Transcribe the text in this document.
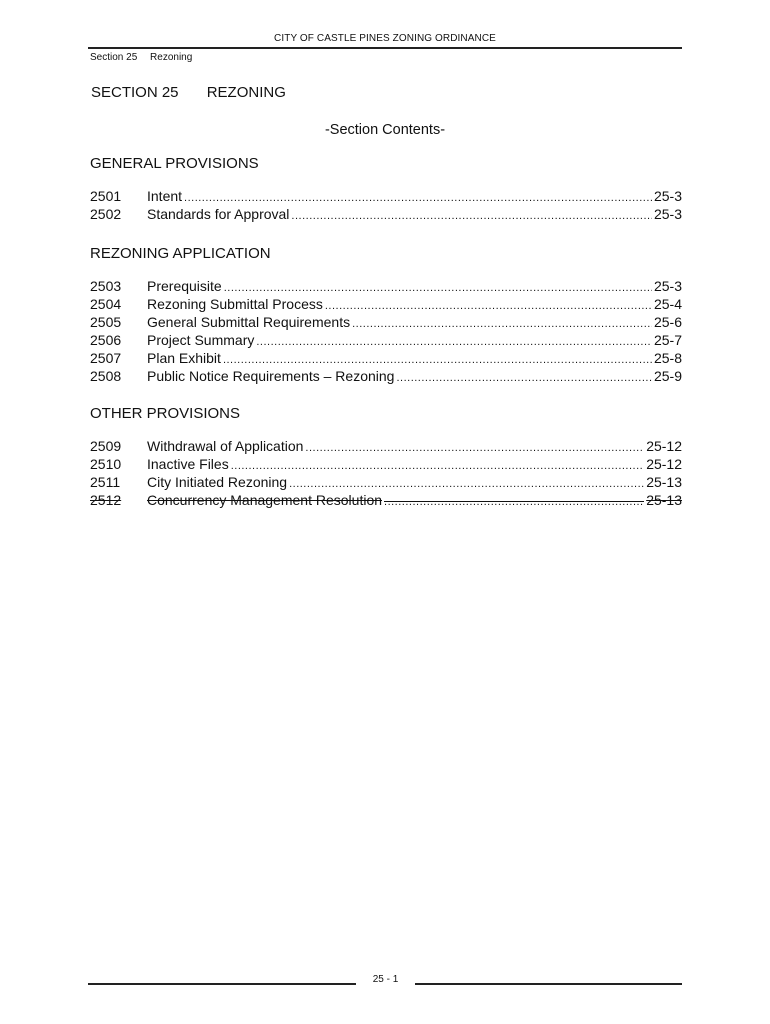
CITY OF CASTLE PINES ZONING ORDINANCE
Section 25 Rezoning
SECTION 25 REZONING
-Section Contents-
GENERAL PROVISIONS
2501	Intent .....	25-3
2502	Standards for Approval .....	25-3
REZONING APPLICATION
2503	Prerequisite .....	25-3
2504	Rezoning Submittal Process .....	25-4
2505	General Submittal Requirements .....	25-6
2506	Project Summary .....	25-7
2507	Plan Exhibit .....	25-8
2508	Public Notice Requirements – Rezoning .....	25-9
OTHER PROVISIONS
2509	Withdrawal of Application .....	25-12
2510	Inactive Files .....	25-12
2511	City Initiated Rezoning .....	25-13
2512	Concurrency Management Resolution .....	25-13
25 - 1
